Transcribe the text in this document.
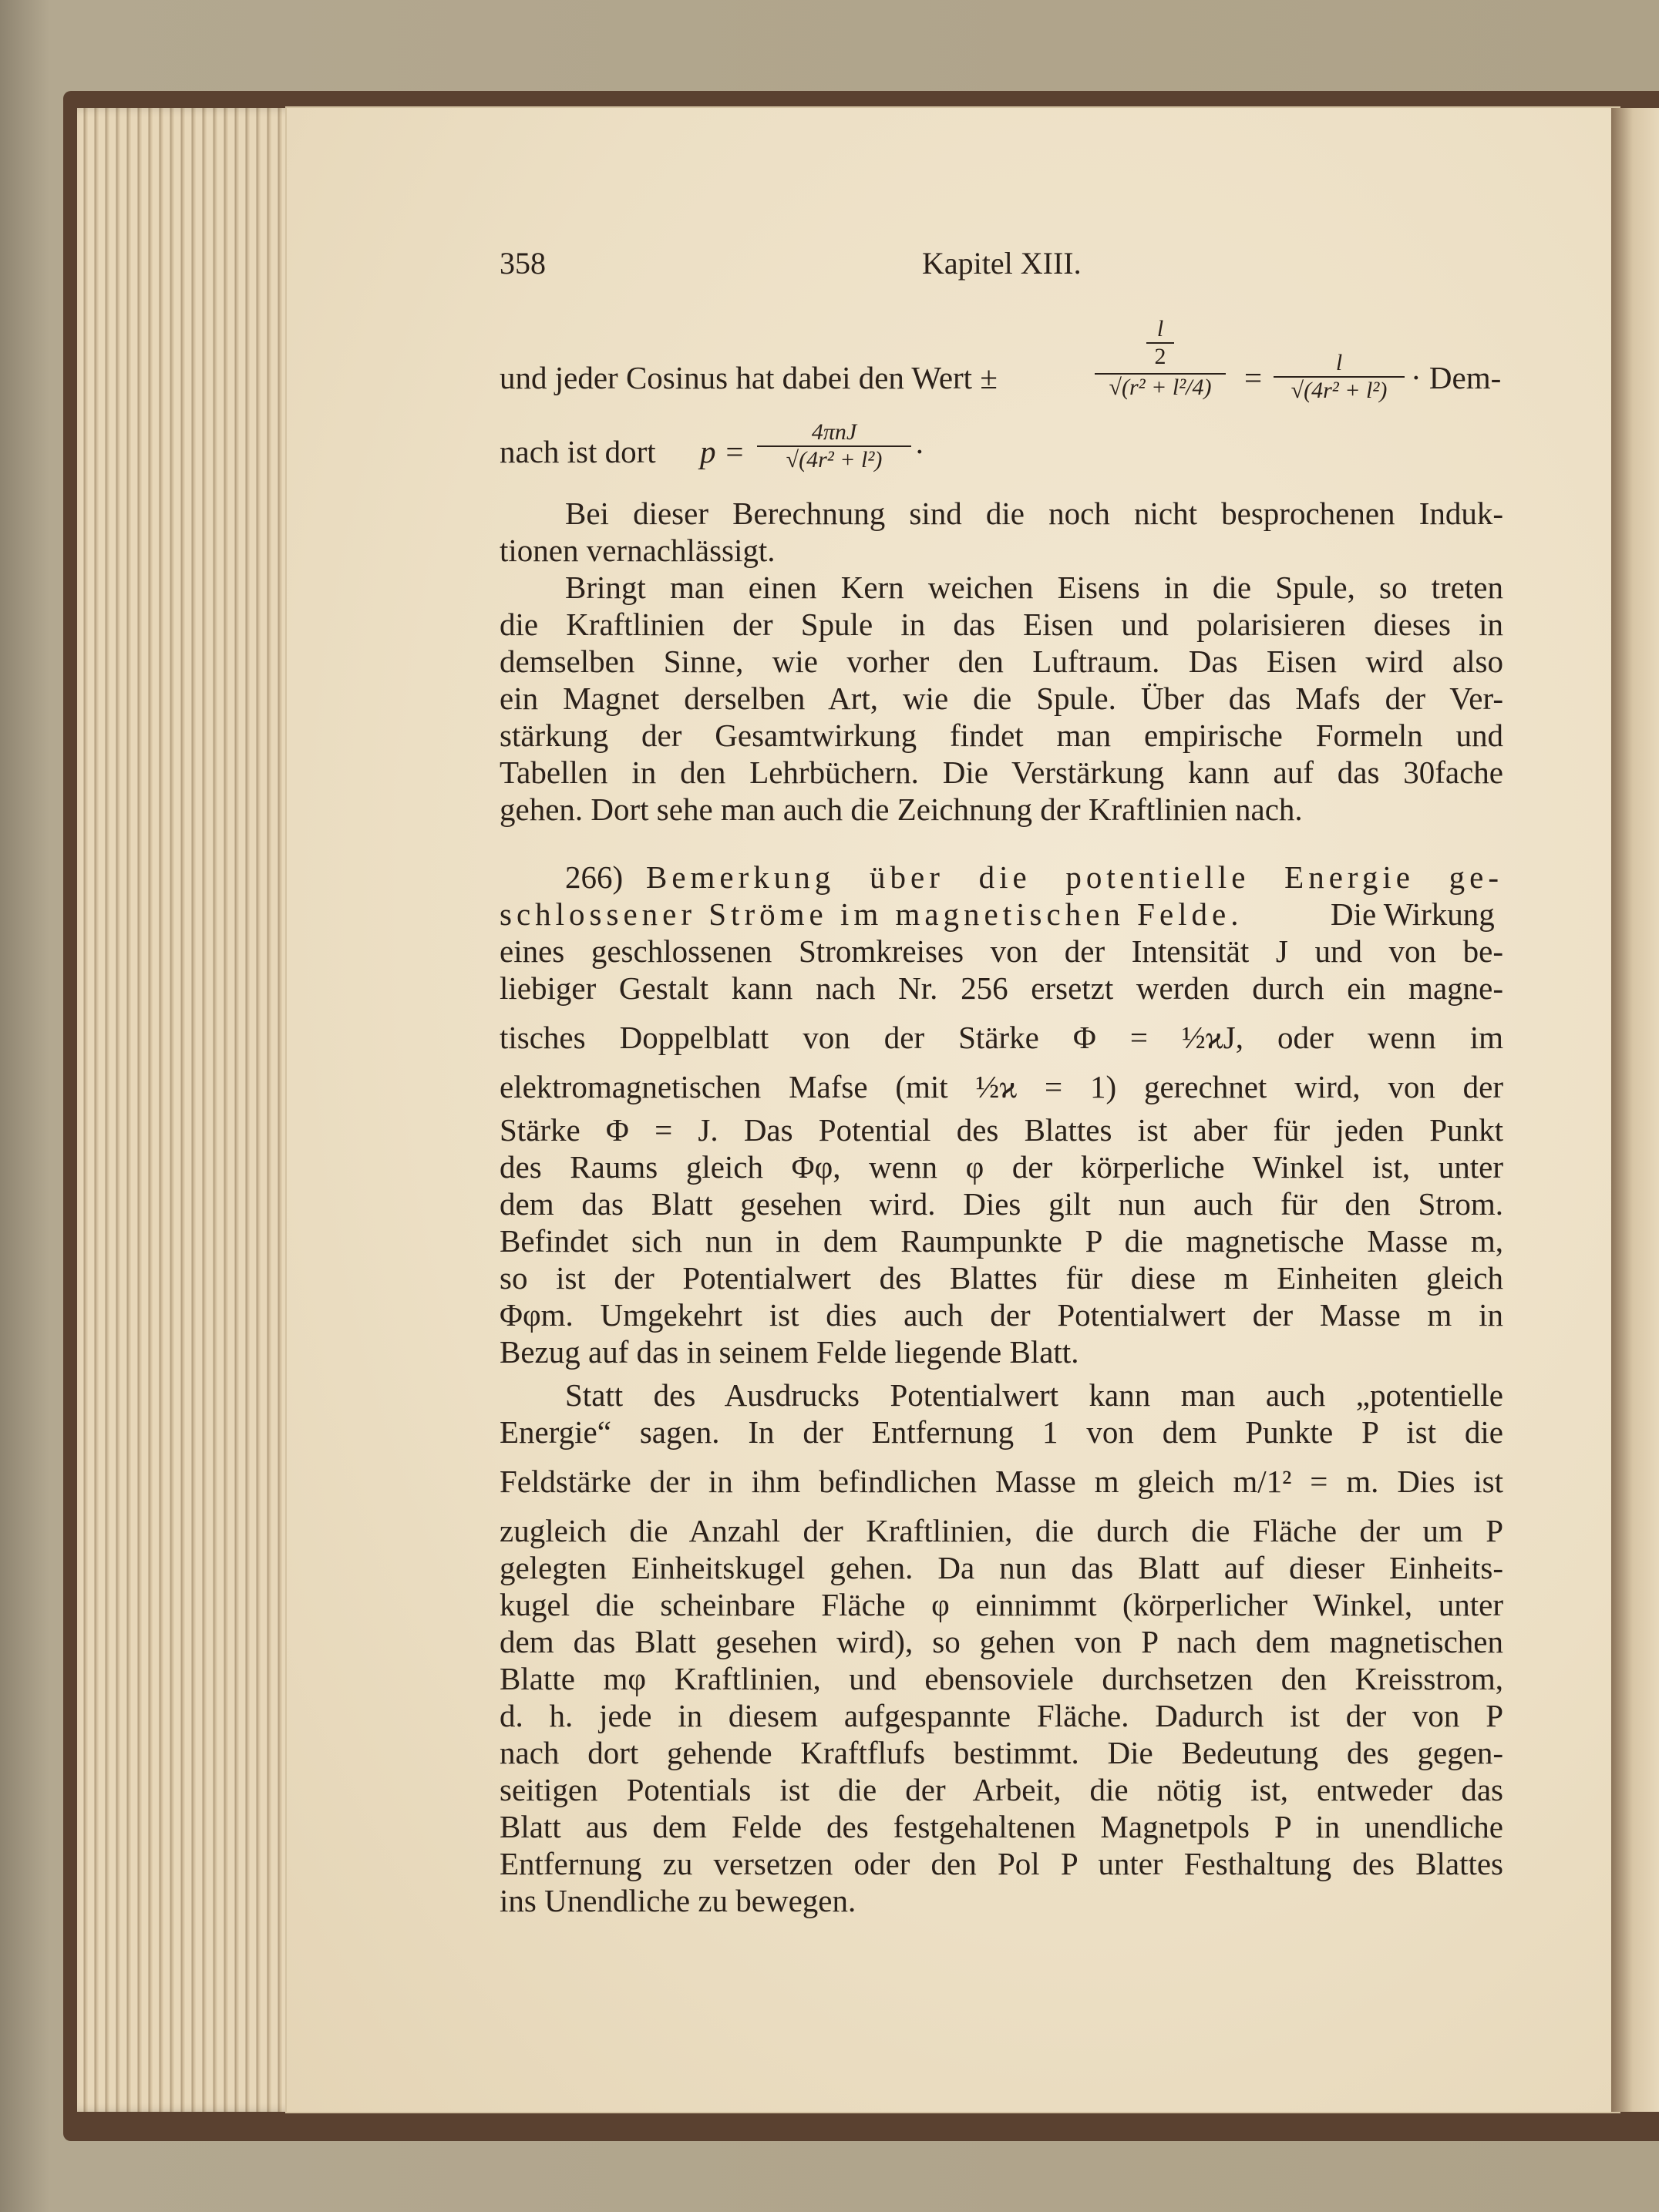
358	Kapitel XIII.
und jeder Cosinus hat dabei den Wert ±
l
2
√(r² + l²/4)	= $\frac{l}{\text{√(4r² + l²)}} \cdot Dem-$
nach ist dort p =
4πnJ
√(4r² + l²)	·
Bei dieser Berechnung sind die noch nicht besprochenen Induk-
tionen vernachlässigt.
Bringt man einen Kern weichen Eisens in die Spule, so treten
die Kraftlinien der Spule in das Eisen und polarisieren dieses in
demselben Sinne, wie vorher den Luftraum. Das Eisen wird also
ein Magnet derselben Art, wie die Spule. Über das Mafs der Ver-
stärkung der Gesamtwirkung findet man empirische Formeln und
Tabellen in den Lehrbüchern. Die Verstärkung kann auf das 30fache
gehen. Dort sehe man auch die Zeichnung der Kraftlinien nach.
266) Bemerkung über die potentielle Energie ge-
schlossener Ströme im magnetischen Felde.	Die Wirkung
eines geschlossenen Stromkreises von der Intensität J und von be-
liebiger Gestalt kann nach Nr. 256 ersetzt werden durch ein magne-
tisches Doppelblatt von der Stärke Φ = ½ϰJ, oder wenn im
elektromagnetischen Mafse (mit ½ϰ = 1) gerechnet wird, von der
Stärke Φ = J. Das Potential des Blattes ist aber für jeden Punkt
des Raums gleich Φφ, wenn φ der körperliche Winkel ist, unter
dem das Blatt gesehen wird. Dies gilt nun auch für den Strom.
Befindet sich nun in dem Raumpunkte P die magnetische Masse m,
so ist der Potentialwert des Blattes für diese m Einheiten gleich
Φφm. Umgekehrt ist dies auch der Potentialwert der Masse m in
Bezug auf das in seinem Felde liegende Blatt.
Statt des Ausdrucks Potentialwert kann man auch „potentielle
Energie“ sagen. In der Entfernung 1 von dem Punkte P ist die
Feldstärke der in ihm befindlichen Masse m gleich m/1² = m. Dies ist
zugleich die Anzahl der Kraftlinien, die durch die Fläche der um P
gelegten Einheitskugel gehen. Da nun das Blatt auf dieser Einheits-
kugel die scheinbare Fläche φ einnimmt (körperlicher Winkel, unter
dem das Blatt gesehen wird), so gehen von P nach dem magnetischen
Blatte mφ Kraftlinien, und ebensoviele durchsetzen den Kreisstrom,
d. h. jede in diesem aufgespannte Fläche. Dadurch ist der von P
nach dort gehende Kraftflufs bestimmt. Die Bedeutung des gegen-
seitigen Potentials ist die der Arbeit, die nötig ist, entweder das
Blatt aus dem Felde des festgehaltenen Magnetpols P in unendliche
Entfernung zu versetzen oder den Pol P unter Festhaltung des Blattes
ins Unendliche zu bewegen.
